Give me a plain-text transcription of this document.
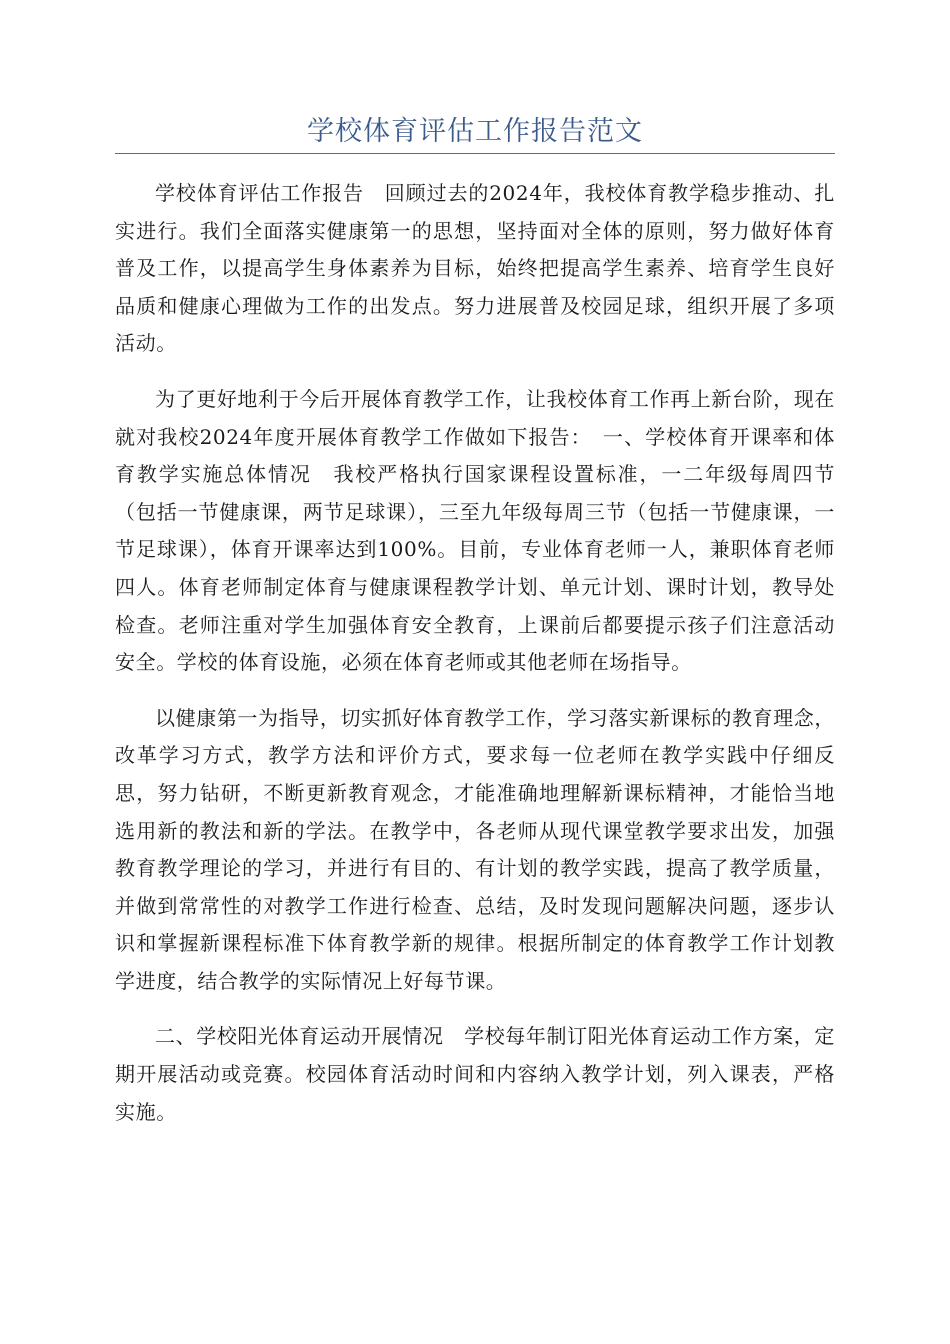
学校体育评估工作报告范文

学校体育评估工作报告　回顾过去的2024年，我校体育教学稳步推动、扎实进行。我们全面落实健康第一的思想，坚持面对全体的原则，努力做好体育普及工作，以提高学生身体素养为目标，始终把提高学生素养、培育学生良好品质和健康心理做为工作的出发点。努力进展普及校园足球，组织开展了多项活动。

为了更好地利于今后开展体育教学工作，让我校体育工作再上新台阶，现在就对我校2024年度开展体育教学工作做如下报告：　一、学校体育开课率和体育教学实施总体情况　我校严格执行国家课程设置标准，一二年级每周四节（包括一节健康课，两节足球课），三至九年级每周三节（包括一节健康课，一节足球课），体育开课率达到100%。目前，专业体育老师一人，兼职体育老师四人。体育老师制定体育与健康课程教学计划、单元计划、课时计划，教导处检查。老师注重对学生加强体育安全教育，上课前后都要提示孩子们注意活动安全。学校的体育设施，必须在体育老师或其他老师在场指导。

以健康第一为指导，切实抓好体育教学工作，学习落实新课标的教育理念，改革学习方式，教学方法和评价方式，要求每一位老师在教学实践中仔细反思，努力钻研，不断更新教育观念，才能准确地理解新课标精神，才能恰当地选用新的教法和新的学法。在教学中，各老师从现代课堂教学要求出发，加强教育教学理论的学习，并进行有目的、有计划的教学实践，提高了教学质量，并做到常常性的对教学工作进行检查、总结，及时发现问题解决问题，逐步认识和掌握新课程标准下体育教学新的规律。根据所制定的体育教学工作计划教学进度，结合教学的实际情况上好每节课。

二、学校阳光体育运动开展情况　学校每年制订阳光体育运动工作方案，定期开展活动或竞赛。校园体育活动时间和内容纳入教学计划，列入课表，严格实施。
